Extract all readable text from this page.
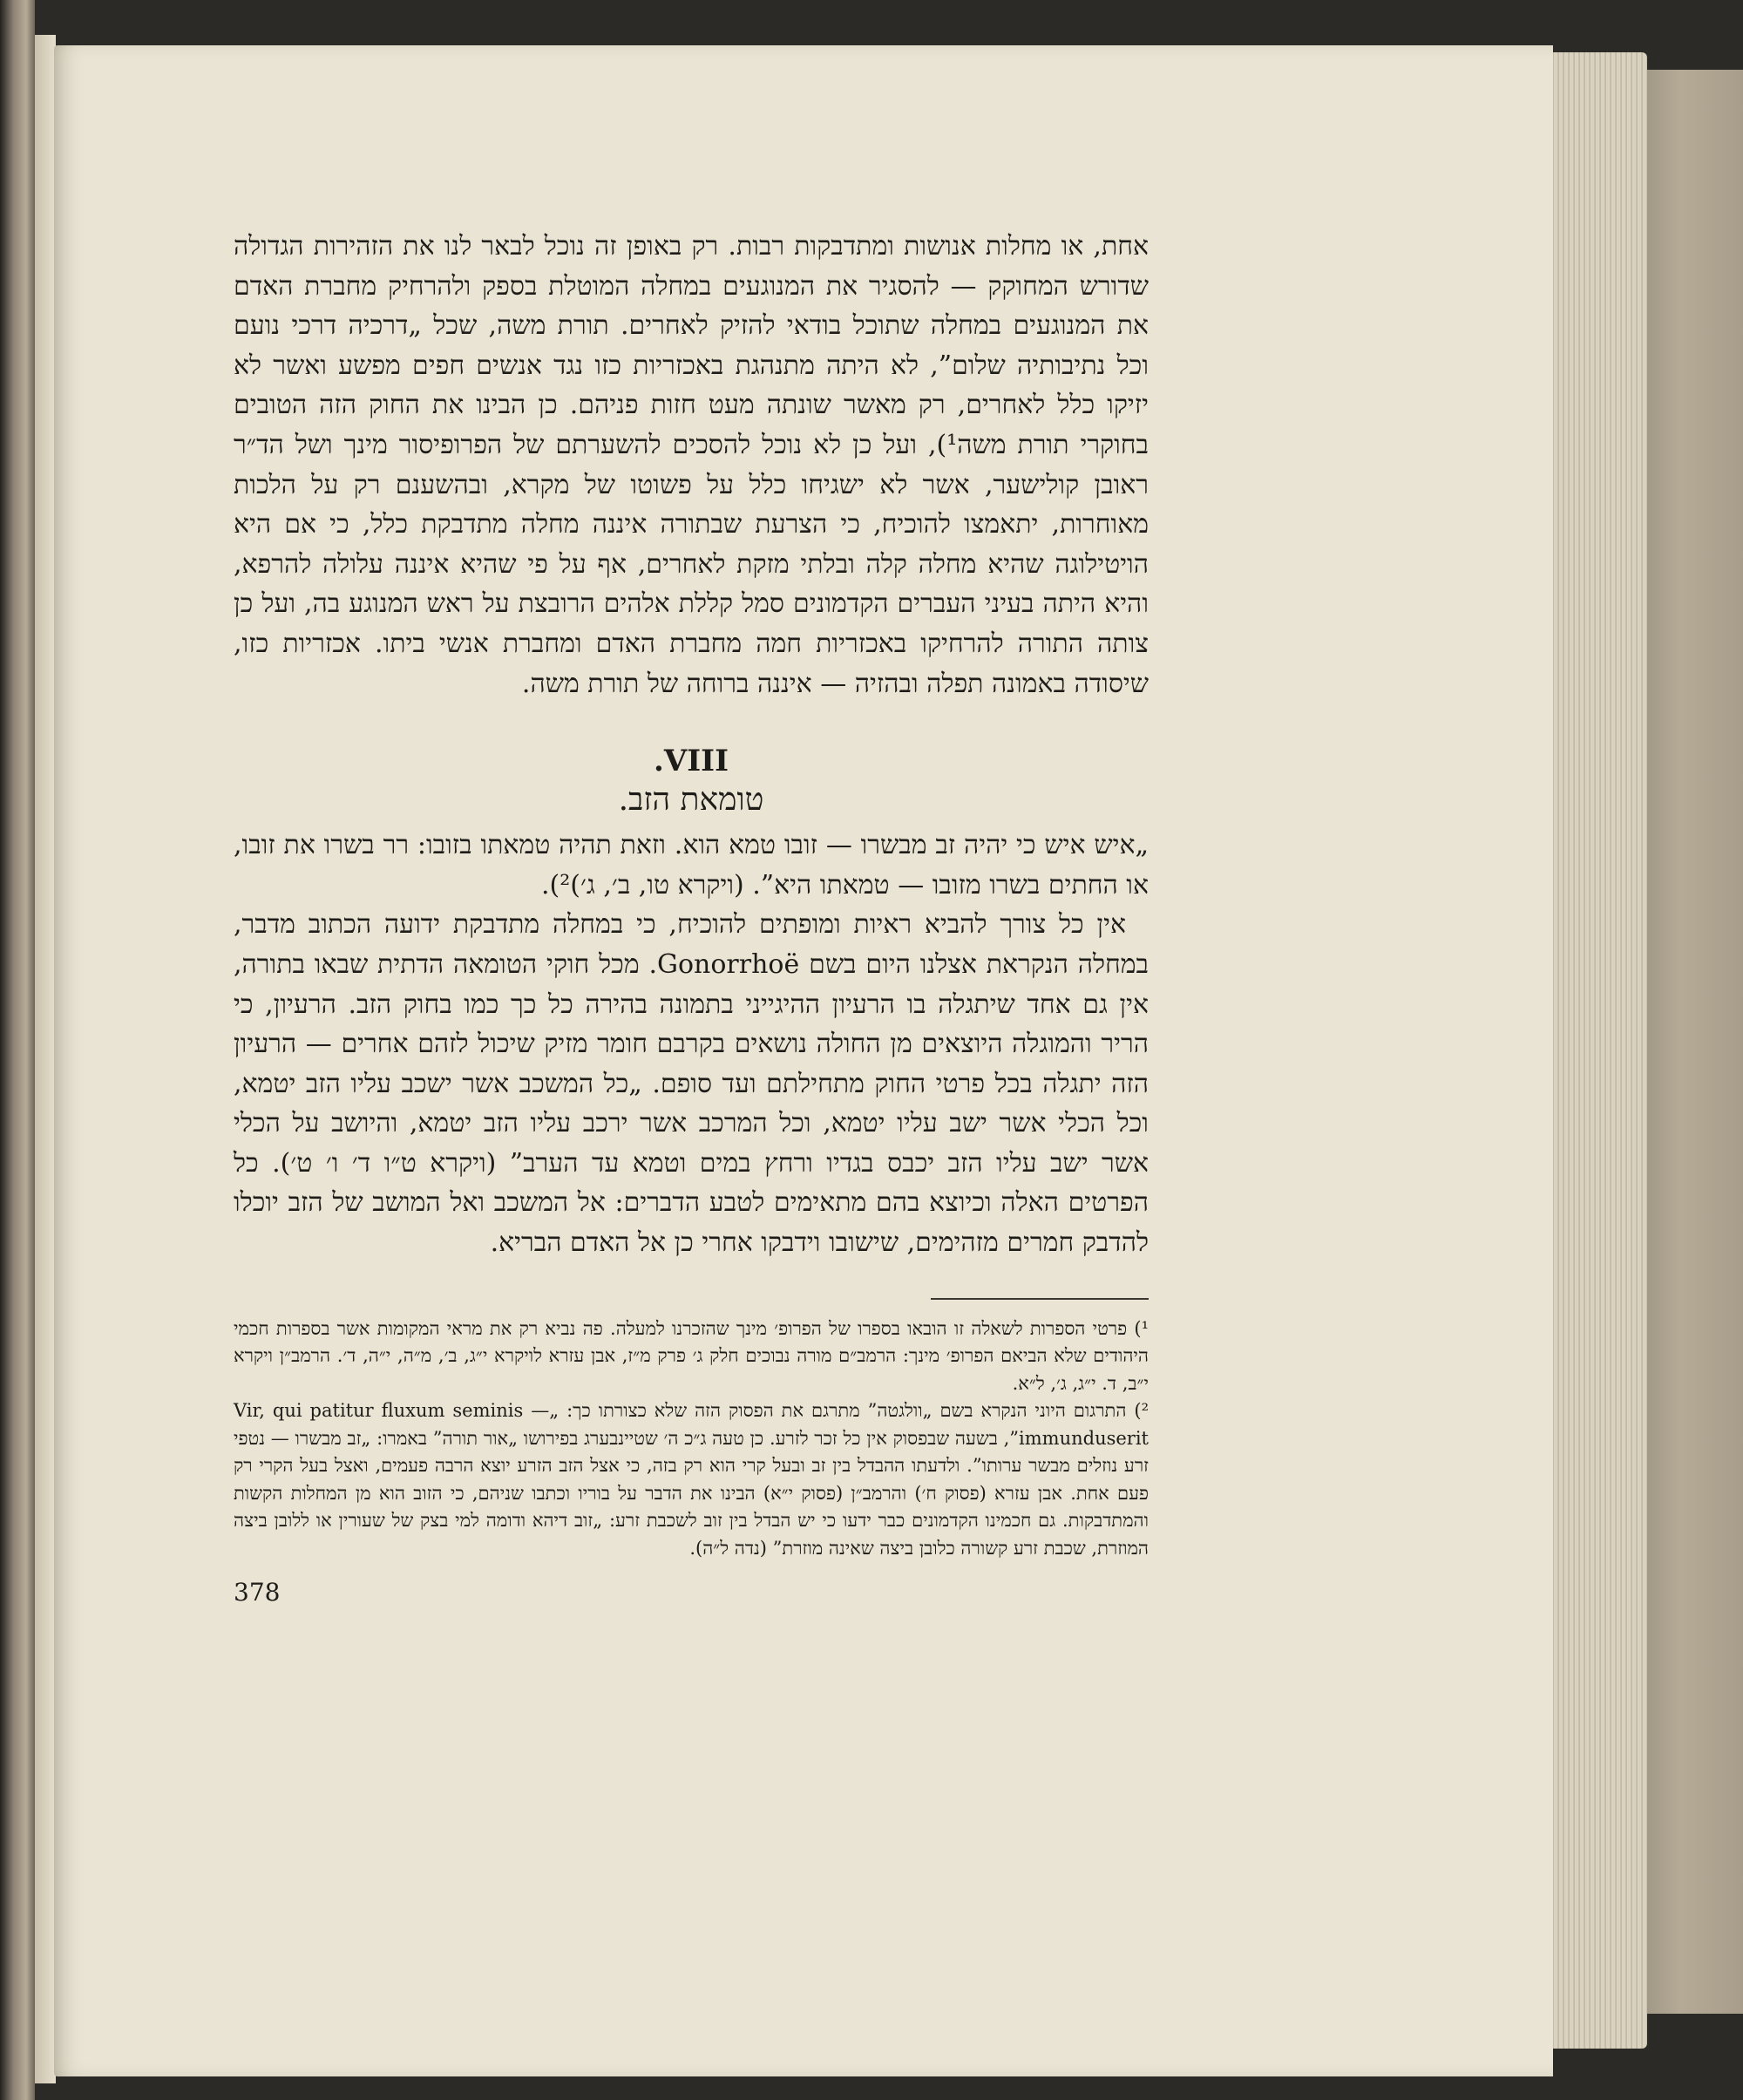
אחת, או מחלות אנושות ומתדבקות רבות. רק באופן זה נוכל לבאר לנו את הזהירות הגדולה שדורש המחוקק — להסגיר את המנוגעים במחלה המוטלת בספק ולהרחיק מחברת האדם את המנוגעים במחלה שתוכל בודאי להזיק לאחרים. תורת משה, שכל „דרכיה דרכי נועם וכל נתיבותיה שלום”, לא היתה מתנהגת באכזריות כזו נגד אנשים חפים מפשע ואשר לא יזיקו כלל לאחרים, רק מאשר שונתה מעט חזות פניהם. כן הבינו את החוק הזה הטובים בחוקרי תורת משה¹), ועל כן לא נוכל להסכים להשערתם של הפרופיסור מינך ושל הד״ר ראובן קולישער, אשר לא ישגיחו כלל על פשוטו של מקרא, ובהשענם רק על הלכות מאוחרות, יתאמצו להוכיח, כי הצרעת שבתורה איננה מחלה מתדבקת כלל, כי אם היא הויטילוגה שהיא מחלה קלה ובלתי מזקת לאחרים, אף על פי שהיא איננה עלולה להרפא, והיא היתה בעיני העברים הקדמונים סמל קללת אלהים הרובצת על ראש המנוגע בה, ועל כן צותה התורה להרחיקו באכזריות חמה מחברת האדם ומחברת אנשי ביתו. אכזריות כזו, שיסודה באמונה תפלה ובהזיה — איננה ברוחה של תורת משה.

VIII.
טומאת הזב.

„איש איש כי יהיה זב מבשרו — זובו טמא הוא. וזאת תהיה טמאתו בזובו: רר בשרו את זובו, או החתים בשרו מזובו — טמאתו היא”. (ויקרא טו, ב׳, ג׳)²).

אין כל צורך להביא ראיות ומופתים להוכיח, כי במחלה מתדבקת ידועה הכתוב מדבר, במחלה הנקראת אצלנו היום בשם Gonorrhoë. מכל חוקי הטומאה הדתית שבאו בתורה, אין גם אחד שיתגלה בו הרעיון ההיגייני בתמונה בהירה כל כך כמו בחוק הזב. הרעיון, כי הריר והמוגלה היוצאים מן החולה נושאים בקרבם חומר מזיק שיכול לזהם אחרים — הרעיון הזה יתגלה בכל פרטי החוק מתחילתם ועד סופם. „כל המשכב אשר ישכב עליו הזב יטמא, וכל הכלי אשר ישב עליו יטמא, וכל המרכב אשר ירכב עליו הזב יטמא, והיושב על הכלי אשר ישב עליו הזב יכבס בגדיו ורחץ במים וטמא עד הערב” (ויקרא ט״ו ד׳ ו׳ ט׳). כל הפרטים האלה וכיוצא בהם מתאימים לטבע הדברים: אל המשכב ואל המושב של הזב יוכלו להדבק חמרים מזהימים, שישובו וידבקו אחרי כן אל האדם הבריא.

¹) פרטי הספרות לשאלה זו הובאו בספרו של הפרופ׳ מינך שהזכרנו למעלה. פה נביא רק את מראי המקומות אשר בספרות חכמי היהודים שלא הביאם הפרופ׳ מינך: הרמב״ם מורה נבוכים חלק ג׳ פרק מ״ז, אבן עזרא לויקרא י״ג, ב׳, מ״ה, י״ה, ד׳. הרמב״ן ויקרא י״ב, ד. י״ג, ג׳, ל״א.

²) התרגום היוני הנקרא בשם „וולגטה” מתרגם את הפסוק הזה שלא כצורתו כך: „Vir, qui patitur fluxum seminis — immunduserit”, בשעה שבפסוק אין כל זכר לזרע. כן טעה ג״כ ה׳ שטיינבערג בפירושו „אור תורה” באמרו: „זב מבשרו — נטפי זרע נוזלים מבשר ערותו”. ולדעתו ההבדל בין זב ובעל קרי הוא רק בזה, כי אצל הזב הזרע יוצא הרבה פעמים, ואצל בעל הקרי רק פעם אחת. אבן עזרא (פסוק ח׳) והרמב״ן (פסוק י״א) הבינו את הדבר על בוריו וכתבו שניהם, כי הזוב הוא מן המחלות הקשות והמתדבקות. גם חכמינו הקדמונים כבר ידעו כי יש הבדל בין זוב לשכבת זרע: „זוב דיהא ודומה למי בצק של שעורין או ללובן ביצה המוזרת, שכבת זרע קשורה כלובן ביצה שאינה מוזרת” (נדה ל״ה).

378
